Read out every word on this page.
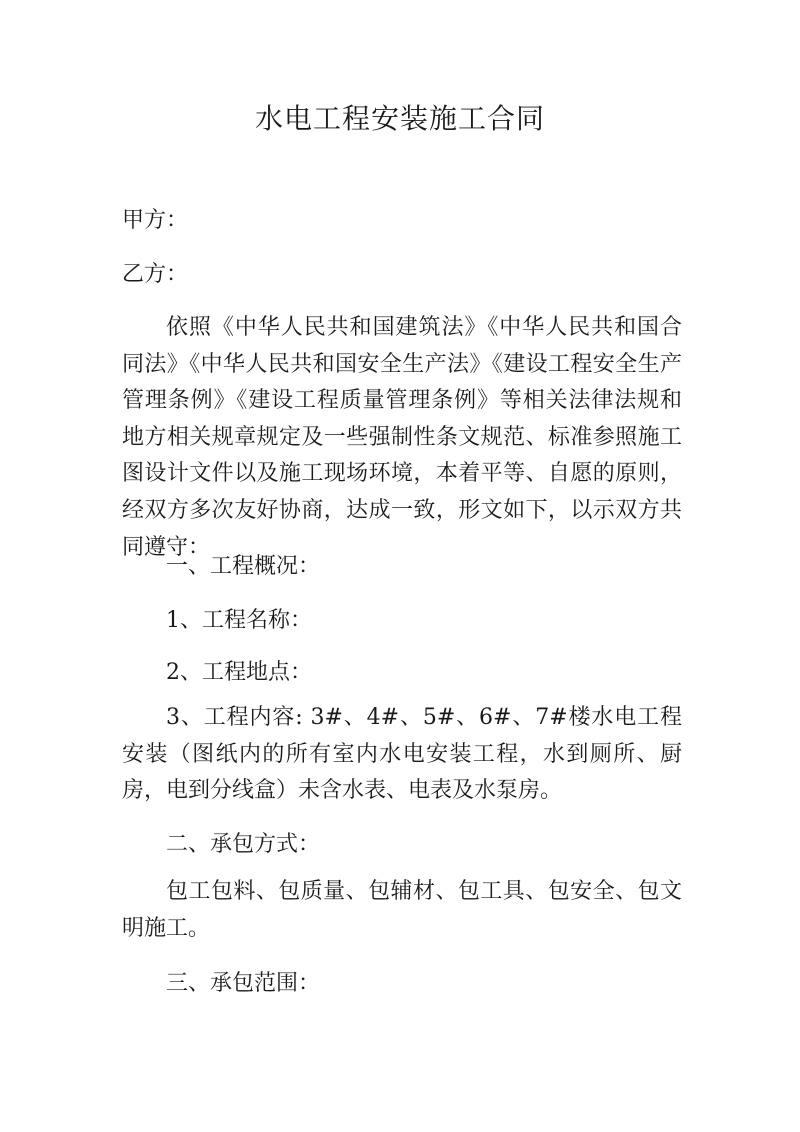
水电工程安装施工合同
甲方：
乙方：
依照《中华人民共和国建筑法》《中华人民共和国合同法》《中华人民共和国安全生产法》《建设工程安全生产管理条例》《建设工程质量管理条例》等相关法律法规和地方相关规章规定及一些强制性条文规范、标准参照施工图设计文件以及施工现场环境，本着平等、自愿的原则，经双方多次友好协商，达成一致，形文如下，以示双方共同遵守：
一、工程概况：
1、工程名称：
2、工程地点：
3、工程内容: 3#、4#、5#、6#、7#楼水电工程安装（图纸内的所有室内水电安装工程，水到厕所、厨房，电到分线盒）未含水表、电表及水泵房。
二、承包方式：
包工包料、包质量、包辅材、包工具、包安全、包文明施工。
三、承包范围：
